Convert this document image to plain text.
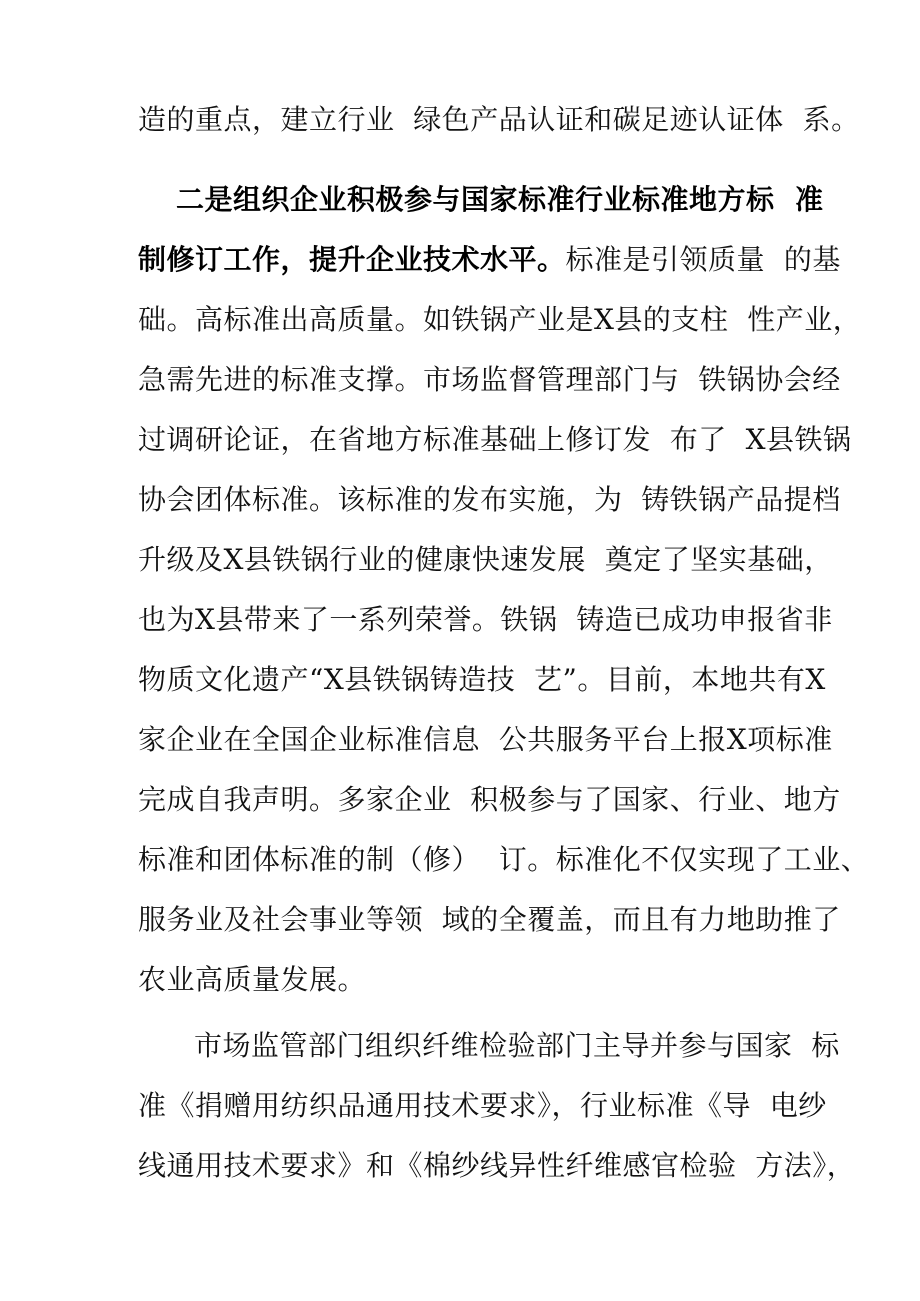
造的重点，建立行业  绿色产品认证和碳足迹认证体  系。
二是组织企业积极参与国家标准行业标准地方标  准
制修订工作，提升企业技术水平。标准是引领质量  的基
础。高标准出高质量。如铁锅产业是X县的支柱  性产业，
急需先进的标准支撑。市场监督管理部门与  铁锅协会经
过调研论证，在省地方标准基础上修订发  布了  X县铁锅
协会团体标准。该标准的发布实施，为  铸铁锅产品提档
升级及X县铁锅行业的健康快速发展  奠定了坚实基础，
也为X县带来了一系列荣誉。铁锅  铸造已成功申报省非
物质文化遗产“X县铁锅铸造技  艺”。目前，本地共有X
家企业在全国企业标准信息  公共服务平台上报X项标准
完成自我声明。多家企业  积极参与了国家、行业、地方
标准和团体标准的制（修）  订。标准化不仅实现了工业、
服务业及社会事业等领  域的全覆盖，而且有力地助推了
农业高质量发展。
市场监管部门组织纤维检验部门主导并参与国家  标
准《捐赠用纺织品通用技术要求》，行业标准《导  电纱
线通用技术要求》和《棉纱线异性纤维感官检验  方法》，
